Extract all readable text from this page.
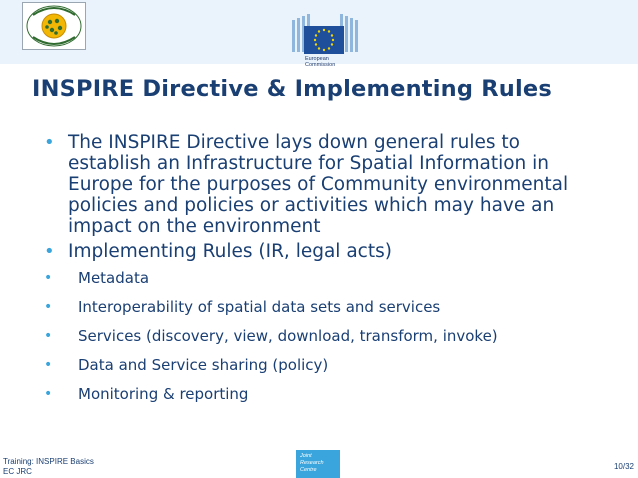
European
Commission
INSPIRE Directive & Implementing Rules
• The INSPIRE Directive lays down general rules to establish an Infrastructure for Spatial Information in Europe for the purposes of Community environmental policies and policies or activities which may have an impact on the environment
• Implementing Rules (IR, legal acts)
• Metadata
• Interoperability of spatial data sets and services
• Services (discovery, view, download, transform, invoke)
• Data and Service sharing (policy)
• Monitoring & reporting
Training: INSPIRE Basics
EC JRC
Joint
Research
Centre	10/32
